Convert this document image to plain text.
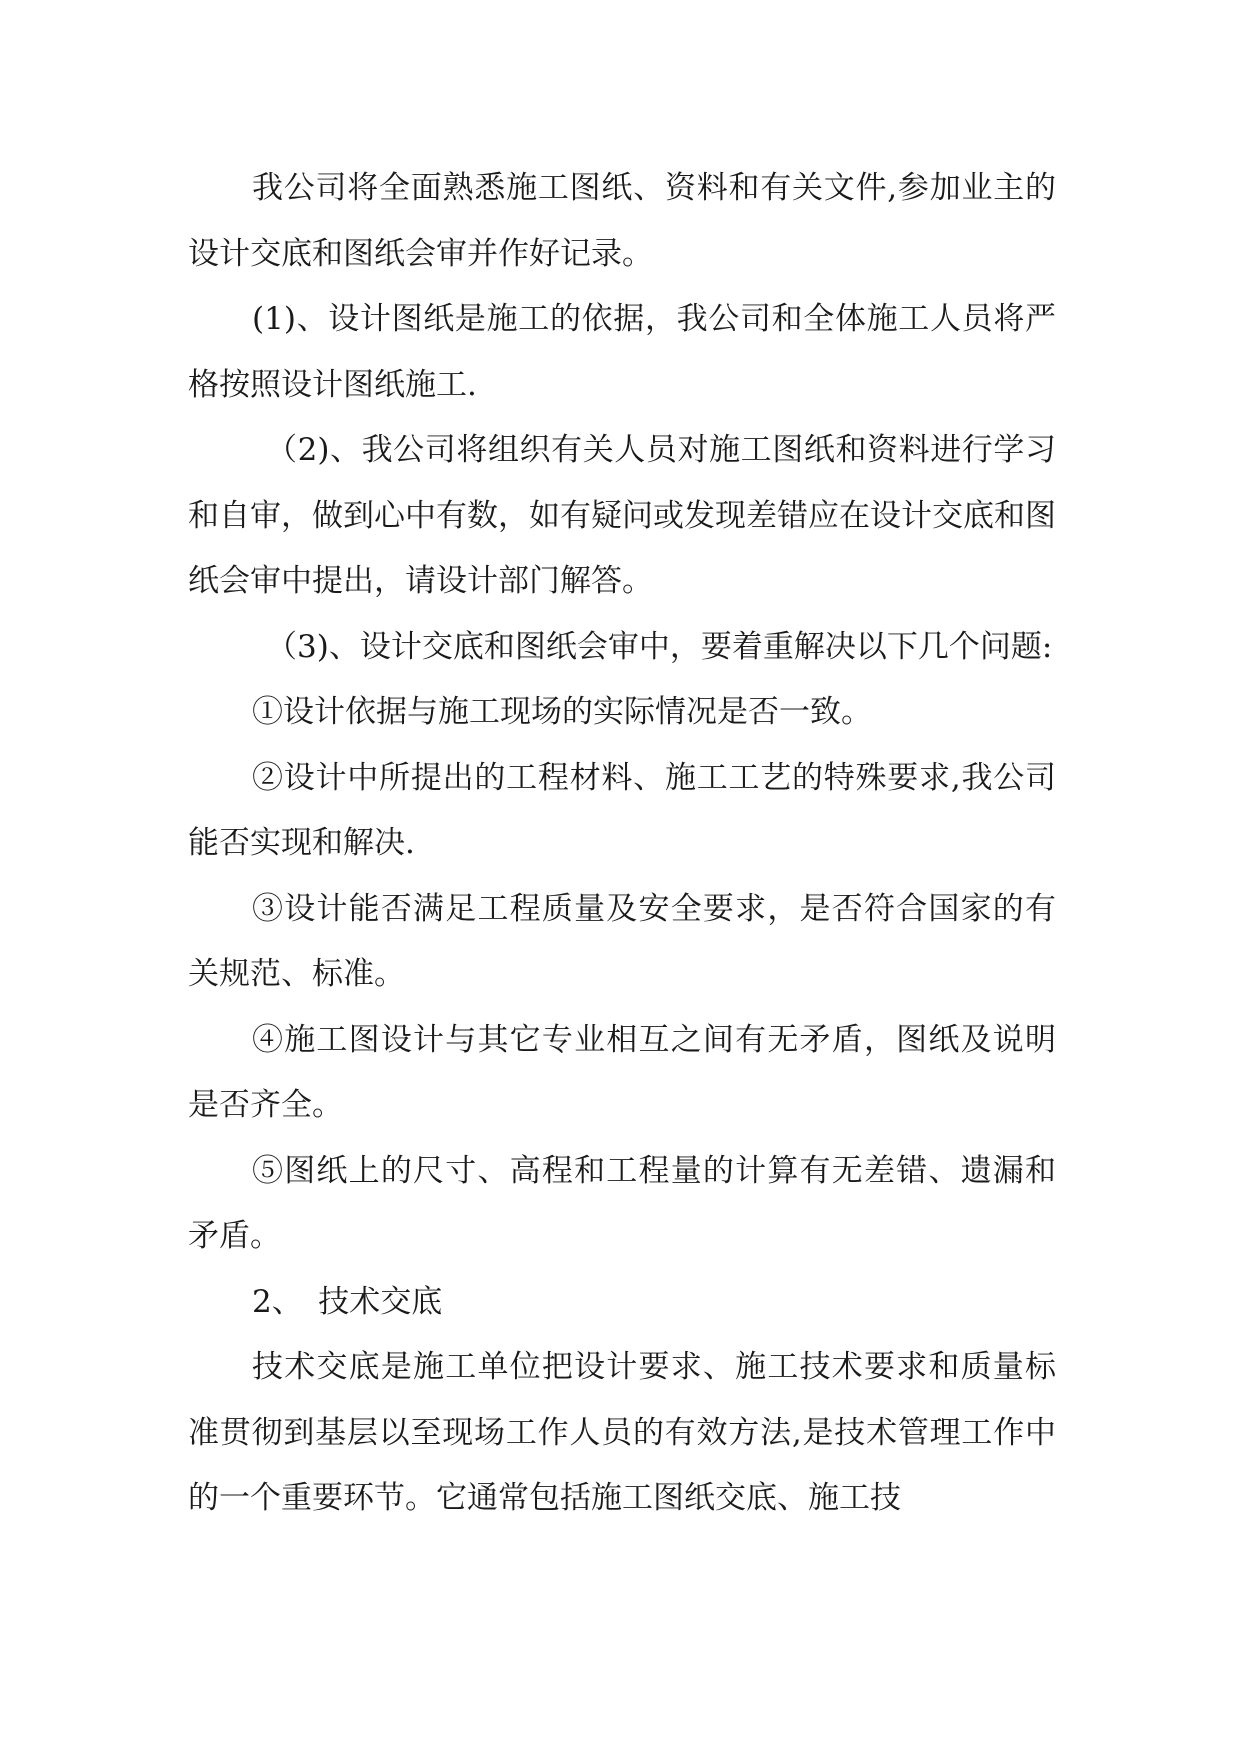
我公司将全面熟悉施工图纸、资料和有关文件,参加业主的设计交底和图纸会审并作好记录。

(1)、设计图纸是施工的依据，我公司和全体施工人员将严格按照设计图纸施工.

（2)、我公司将组织有关人员对施工图纸和资料进行学习和自审，做到心中有数，如有疑问或发现差错应在设计交底和图纸会审中提出，请设计部门解答。

（3)、设计交底和图纸会审中，要着重解决以下几个问题:

①设计依据与施工现场的实际情况是否一致。

②设计中所提出的工程材料、施工工艺的特殊要求,我公司能否实现和解决.

③设计能否满足工程质量及安全要求，是否符合国家的有关规范、标准。

④施工图设计与其它专业相互之间有无矛盾，图纸及说明是否齐全。

⑤图纸上的尺寸、高程和工程量的计算有无差错、遗漏和矛盾。

2、　技术交底

技术交底是施工单位把设计要求、施工技术要求和质量标准贯彻到基层以至现场工作人员的有效方法,是技术管理工作中的一个重要环节。它通常包括施工图纸交底、施工技
